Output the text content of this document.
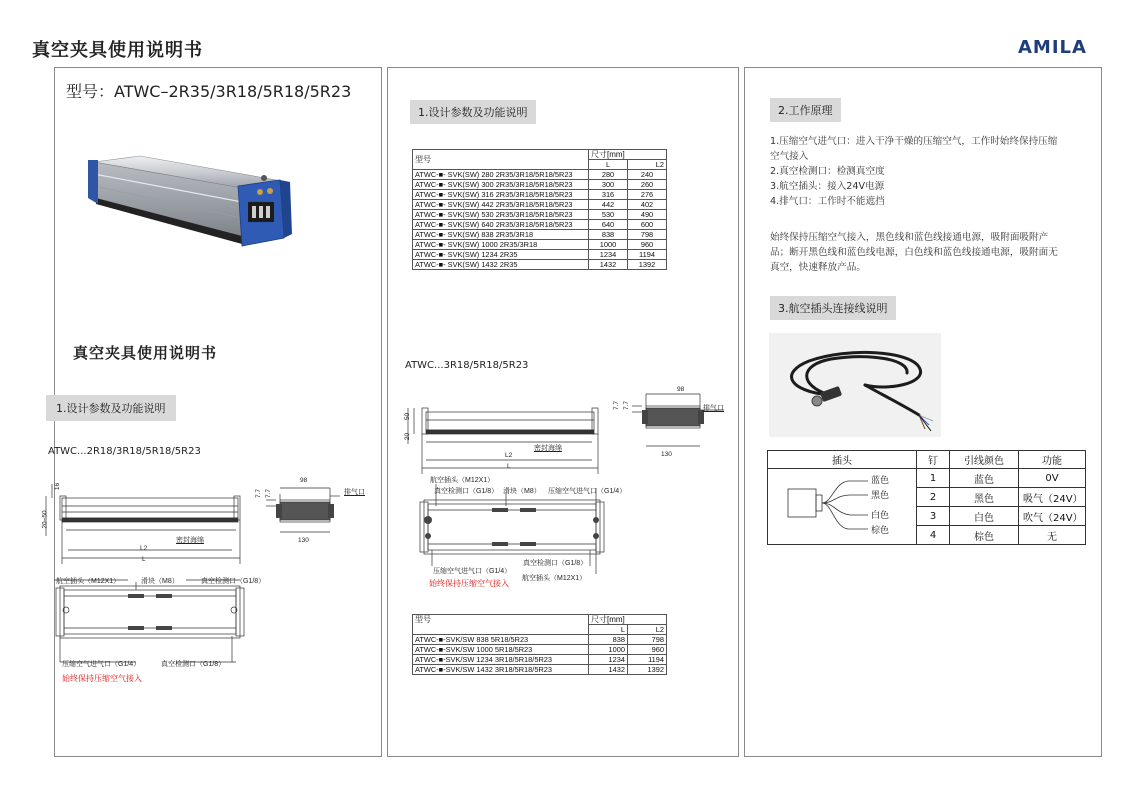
真空夹具使用说明书	AMILA
型号：ATWC–2R35/3R18/5R18/5R23
真空夹具使用说明书
1.设计参数及功能说明
ATWC...2R18/3R18/5R18/5R23
16
20~50
L2
L
密封海绵
98
130
7.7 7.7	排气口
航空插头（M12X1）	滑块（M8）	真空检测口（G1/8）
压缩空气进气口（G1/4）	真空检测口（G1/8）
始终保持压缩空气接入
1.设计参数及功能说明
型号	尺寸[mm]	
	L	L2
ATWC-■- SVK(SW) 280 2R35/3R18/5R18/5R23	280	240
ATWC-■- SVK(SW) 300 2R35/3R18/5R18/5R23	300	260
ATWC-■- SVK(SW) 316 2R35/3R18/5R18/5R23	316	276
ATWC-■- SVK(SW) 442 2R35/3R18/5R18/5R23	442	402
ATWC-■- SVK(SW) 530 2R35/3R18/5R18/5R23	530	490
ATWC-■- SVK(SW) 640 2R35/3R18/5R18/5R23	640	600
ATWC-■- SVK(SW) 838 2R35/3R18	838	798
ATWC-■- SVK(SW) 1000 2R35/3R18	1000	960
ATWC-■- SVK(SW) 1234 2R35	1234	1194
ATWC-■- SVK(SW) 1432 2R35	1432	1392
ATWC...3R18/5R18/5R23
98
130
7.7 7.7	排气口
50
20
L2
L
密封海绵
航空插头（M12X1）
真空检测口（G1/8） 滑块（M8） 压缩空气进气口（G1/4）
真空检测口（G1/8）
压缩空气进气口（G1/4）
航空插头（M12X1）
始终保持压缩空气接入
型号	尺寸[mm]	
	L	L2
ATWC-■-SVK/SW 838 5R18/5R23	838	798
ATWC-■-SVK/SW 1000 5R18/5R23	1000	960
ATWC-■-SVK/SW 1234 3R18/5R18/5R23	1234	1194
ATWC-■-SVK/SW 1432 3R18/5R18/5R23	1432	1392
2.工作原理
1.压缩空气进气口：进入干净干燥的压缩空气，工作时始终保持压缩
空气接入
2.真空检测口：检测真空度
3.航空插头：接入24V电源
4.排气口：工作时不能遮挡
始终保持压缩空气接入，黑色线和蓝色线接通电源，吸附面吸附产
品；断开黑色线和蓝色线电源，白色线和蓝色线接通电源，吸附面无
真空，快速释放产品。
3.航空插头连接线说明
插头	钉	引线颜色	功能

蓝色
黑色
白色
棕色	1	蓝色	0V
	2	黑色	吸气（24V）
	3	白色	吹气（24V）
	4	棕色	无
